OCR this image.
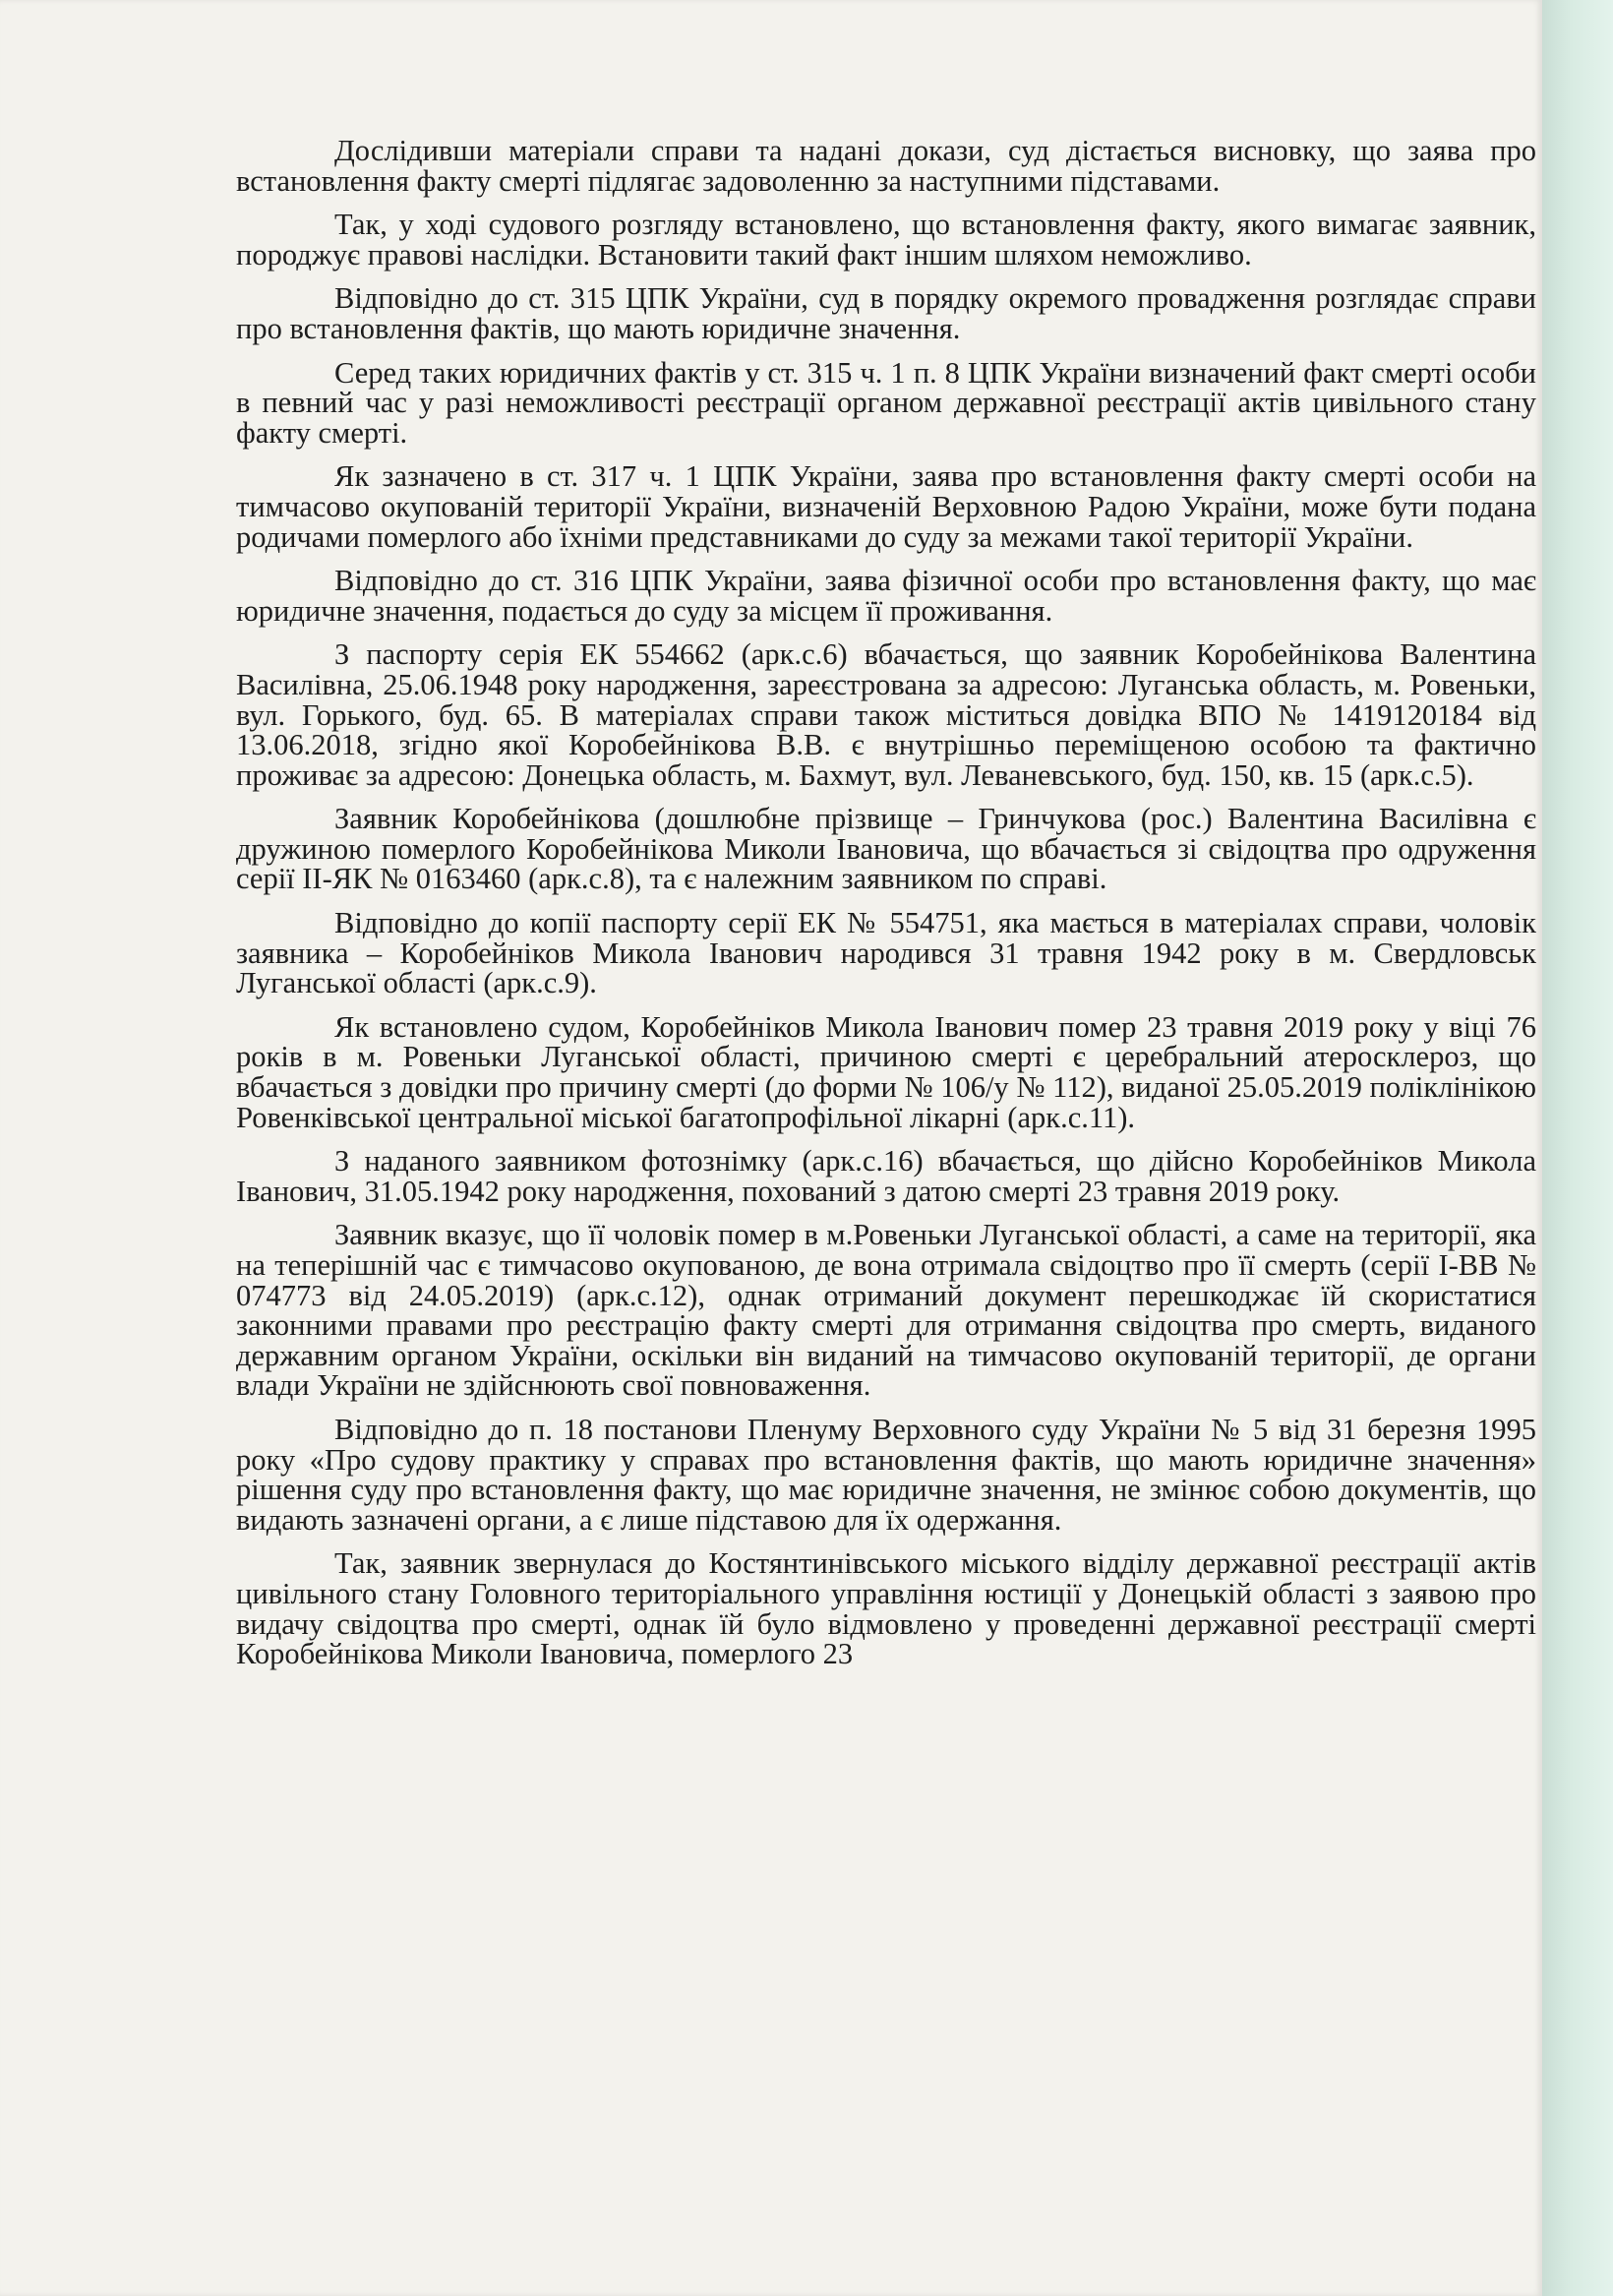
Дослідивши матеріали справи та надані докази, суд дістається висновку, що заява про встановлення факту смерті підлягає задоволенню за наступними підставами.

Так, у ході судового розгляду встановлено, що встановлення факту, якого вимагає заявник, породжує правові наслідки. Встановити такий факт іншим шляхом неможливо.

Відповідно до ст. 315 ЦПК України, суд в порядку окремого провадження розглядає справи про встановлення фактів, що мають юридичне значення.

Серед таких юридичних фактів у ст. 315 ч. 1 п. 8 ЦПК України визначений факт смерті особи в певний час у разі неможливості реєстрації органом державної реєстрації актів цивільного стану факту смерті.

Як зазначено в ст. 317 ч. 1 ЦПК України, заява про встановлення факту смерті особи на тимчасово окупованій території України, визначеній Верховною Радою України, може бути подана родичами померлого або їхніми представниками до суду за межами такої території України.

Відповідно до ст. 316 ЦПК України, заява фізичної особи про встановлення факту, що має юридичне значення, подається до суду за місцем її проживання.

З паспорту серія ЕК 554662 (арк.с.6) вбачається, що заявник Коробейнікова Валентина Василівна, 25.06.1948 року народження, зареєстрована за адресою: Луганська область, м. Ровеньки, вул. Горького, буд. 65. В матеріалах справи також міститься довідка ВПО № 1419120184 від 13.06.2018, згідно якої Коробейнікова В.В. є внутрішньо переміщеною особою та фактично проживає за адресою: Донецька область, м. Бахмут, вул. Леваневського, буд. 150, кв. 15 (арк.с.5).

Заявник Коробейнікова (дошлюбне прізвище – Гринчукова (рос.) Валентина Василівна є дружиною померлого Коробейнікова Миколи Івановича, що вбачається зі свідоцтва про одруження серії ІІ-ЯК № 0163460 (арк.с.8), та є належним заявником по справі.

Відповідно до копії паспорту серії ЕК № 554751, яка мається в матеріалах справи, чоловік заявника – Коробейніков Микола Іванович народився 31 травня 1942 року в м. Свердловськ Луганської області (арк.с.9).

Як встановлено судом, Коробейніков Микола Іванович помер 23 травня 2019 року у віці 76 років в м. Ровеньки Луганської області, причиною смерті є церебральний атеросклероз, що вбачається з довідки про причину смерті (до форми № 106/у № 112), виданої 25.05.2019 поліклінікою Ровенківської центральної міської багатопрофільної лікарні (арк.с.11).

З наданого заявником фотознімку (арк.с.16) вбачається, що дійсно Коробейніков Микола Іванович, 31.05.1942 року народження, похований з датою смерті 23 травня 2019 року.

Заявник вказує, що її чоловік помер в м.Ровеньки Луганської області, а саме на території, яка на теперішній час є тимчасово окупованою, де вона отримала свідоцтво про її смерть (серії І-ВВ № 074773 від 24.05.2019) (арк.с.12), однак отриманий документ перешкоджає їй скористатися законними правами про реєстрацію факту смерті для отримання свідоцтва про смерть, виданого державним органом України, оскільки він виданий на тимчасово окупованій території, де органи влади України не здійснюють свої повноваження.

Відповідно до п. 18 постанови Пленуму Верховного суду України № 5 від 31 березня 1995 року «Про судову практику у справах про встановлення фактів, що мають юридичне значення» рішення суду про встановлення факту, що має юридичне значення, не змінює собою документів, що видають зазначені органи, а є лише підставою для їх одержання.

Так, заявник звернулася до Костянтинівського міського відділу державної реєстрації актів цивільного стану Головного територіального управління юстиції у Донецькій області з заявою про видачу свідоцтва про смерті, однак їй було відмовлено у проведенні державної реєстрації смерті Коробейнікова Миколи Івановича, померлого 23
